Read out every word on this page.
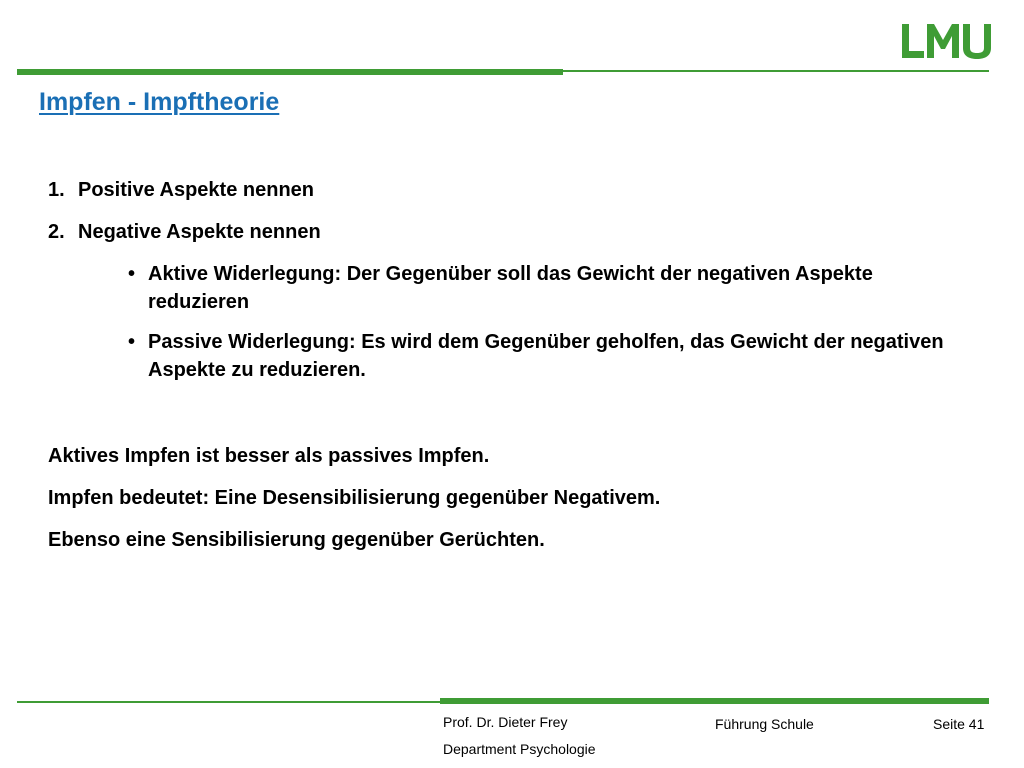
Impfen - Impftheorie
1. Positive Aspekte nennen
2. Negative Aspekte nennen
• Aktive Widerlegung: Der Gegenüber soll das Gewicht der negativen Aspekte reduzieren
• Passive Widerlegung: Es wird dem Gegenüber geholfen, das Gewicht der negativen Aspekte zu reduzieren.

Aktives Impfen ist besser als passives Impfen.

Impfen bedeutet: Eine Desensibilisierung gegenüber Negativem.

Ebenso eine Sensibilisierung gegenüber Gerüchten.

Prof. Dr. Dieter Frey
Department Psychologie
Führung Schule	Seite 41
